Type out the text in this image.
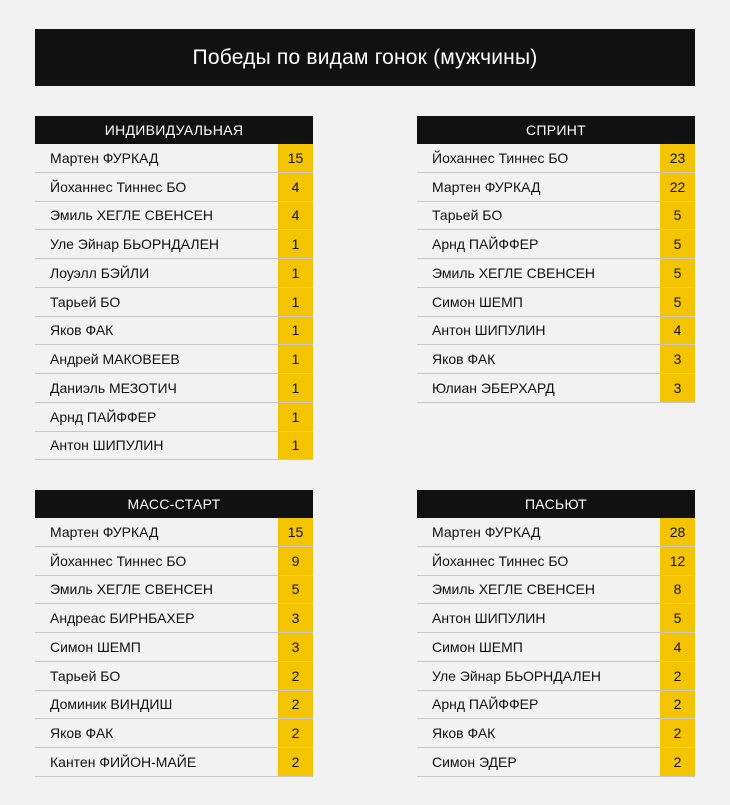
Победы по видам гонок (мужчины)
ИНДИВИДУАЛЬНАЯ
Мартен ФУРКАД	15
Йоханнес Тиннес БО	4
Эмиль ХЕГЛЕ СВЕНСЕН	4
Уле Эйнар БЬОРНДАЛЕН	1
Лоуэлл БЭЙЛИ	1
Тарьей БО	1
Яков ФАК	1
Андрей МАКОВЕЕВ	1
Даниэль МЕЗОТИЧ	1
Арнд ПАЙФФЕР	1
Антон ШИПУЛИН	1
СПРИНТ
Йоханнес Тиннес БО	23
Мартен ФУРКАД	22
Тарьей БО	5
Арнд ПАЙФФЕР	5
Эмиль ХЕГЛЕ СВЕНСЕН	5
Симон ШЕМП	5
Антон ШИПУЛИН	4
Яков ФАК	3
Юлиан ЭБЕРХАРД	3
МАСС-СТАРТ
Мартен ФУРКАД	15
Йоханнес Тиннес БО	9
Эмиль ХЕГЛЕ СВЕНСЕН	5
Андреас БИРНБАХЕР	3
Симон ШЕМП	3
Тарьей БО	2
Доминик ВИНДИШ	2
Яков ФАК	2
Кантен ФИЙОН-МАЙЕ	2
ПАСЬЮТ
Мартен ФУРКАД	28
Йоханнес Тиннес БО	12
Эмиль ХЕГЛЕ СВЕНСЕН	8
Антон ШИПУЛИН	5
Симон ШЕМП	4
Уле Эйнар БЬОРНДАЛЕН	2
Арнд ПАЙФФЕР	2
Яков ФАК	2
Симон ЭДЕР	2
